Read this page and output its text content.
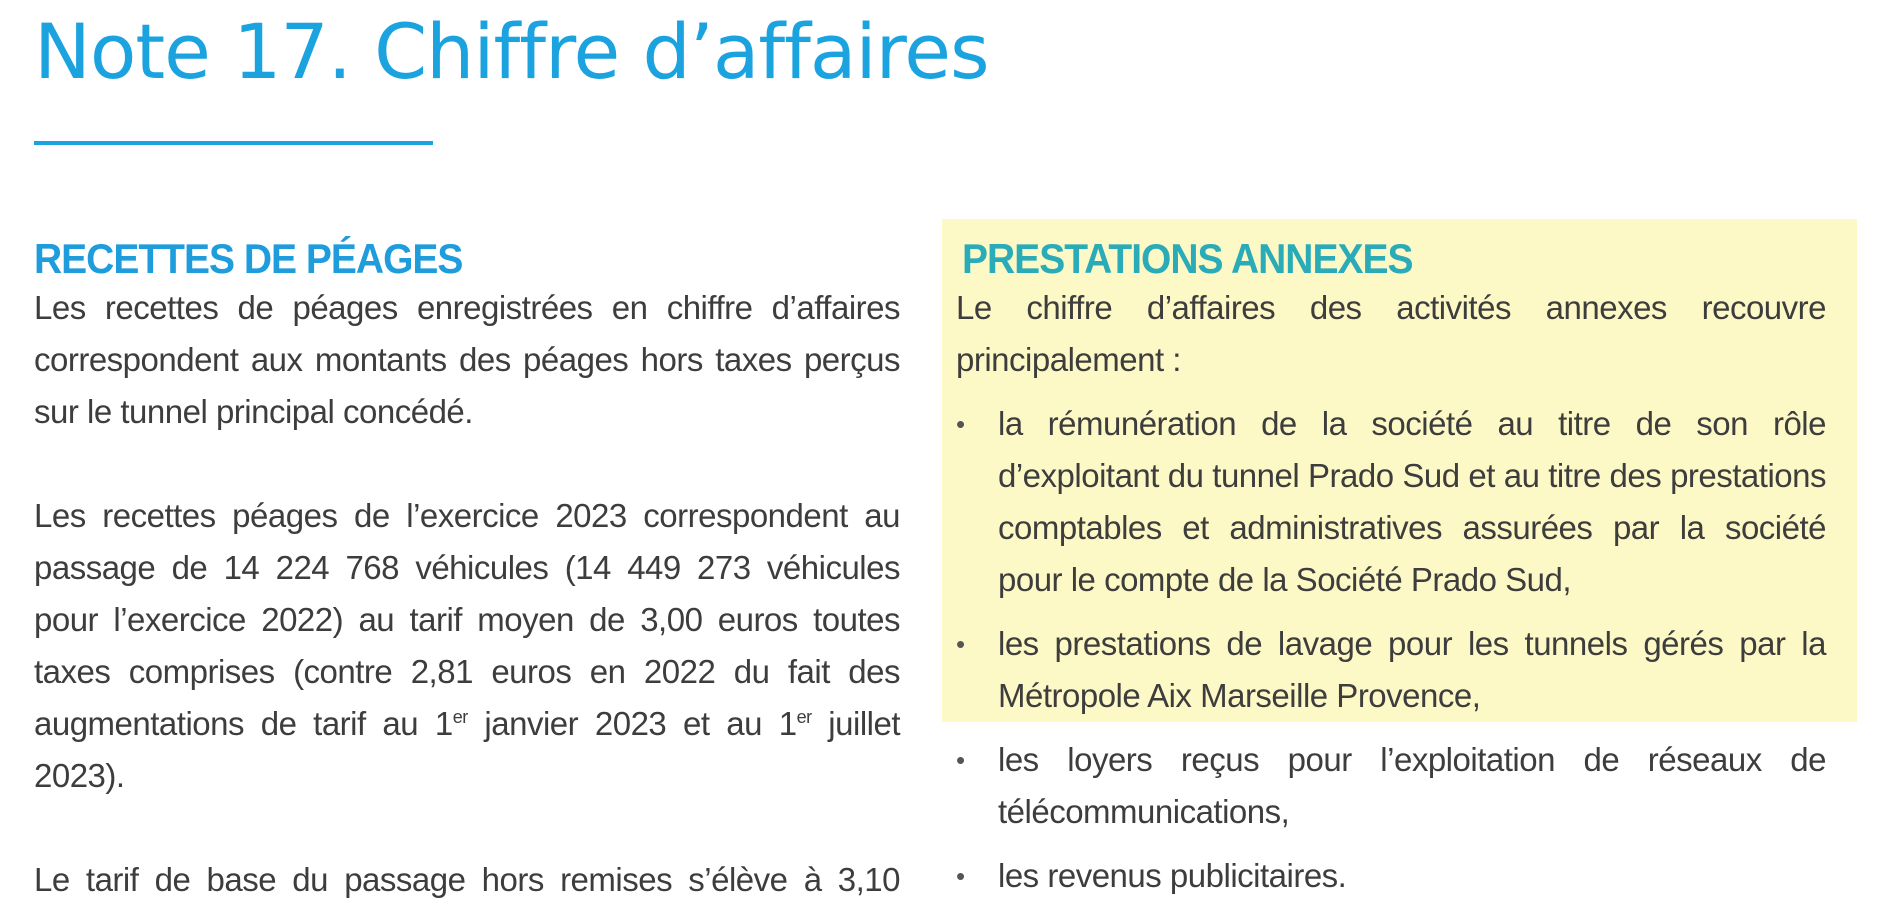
Note 17. Chiffre d’affaires
RECETTES DE PÉAGES

Les recettes de péages enregistrées en chiffre d’affaires correspondent aux montants des péages hors taxes perçus sur le tunnel principal concédé.

Les recettes péages de l’exercice 2023 correspondent au passage de 14 224 768 véhicules (14 449 273 véhicules pour l’exercice 2022) au tarif moyen de 3,00 euros toutes taxes comprises (contre 2,81 euros en 2022 du fait des augmentations de tarif au 1er janvier 2023 et au 1er juillet 2023).

Le tarif de base du passage hors remises s’élève à 3,10

PRESTATIONS ANNEXES

Le chiffre d’affaires des activités annexes recouvre principalement :

•	la rémunération de la société au titre de son rôle d’exploitant du tunnel Prado Sud et au titre des prestations comptables et administratives assurées par la société pour le compte de la Société Prado Sud,
•	les prestations de lavage pour les tunnels gérés par la Métropole Aix Marseille Provence,
•	les loyers reçus pour l’exploitation de réseaux de télécommunications,
•	les revenus publicitaires.
